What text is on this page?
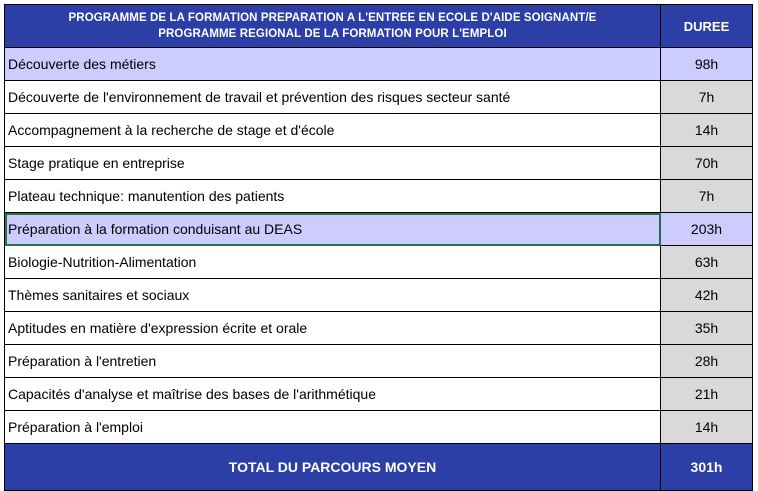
PROGRAMME DE LA FORMATION PREPARATION A L'ENTREE EN ECOLE D'AIDE SOIGNANT/E
PROGRAMME REGIONAL DE LA FORMATION POUR L'EMPLOI	DUREE
Découverte des métiers	98h
Découverte de l'environnement de travail et prévention des risques secteur santé	7h
Accompagnement à la recherche de stage et d'école	14h
Stage pratique en entreprise	70h
Plateau technique: manutention des patients	7h
Préparation à la formation conduisant au DEAS	203h
Biologie-Nutrition-Alimentation	63h
Thèmes sanitaires et sociaux	42h
Aptitudes en matière d'expression écrite et orale	35h
Préparation à l'entretien	28h
Capacités d'analyse et maîtrise des bases de l'arithmétique	21h
Préparation à l'emploi	14h
TOTAL DU PARCOURS MOYEN	301h
